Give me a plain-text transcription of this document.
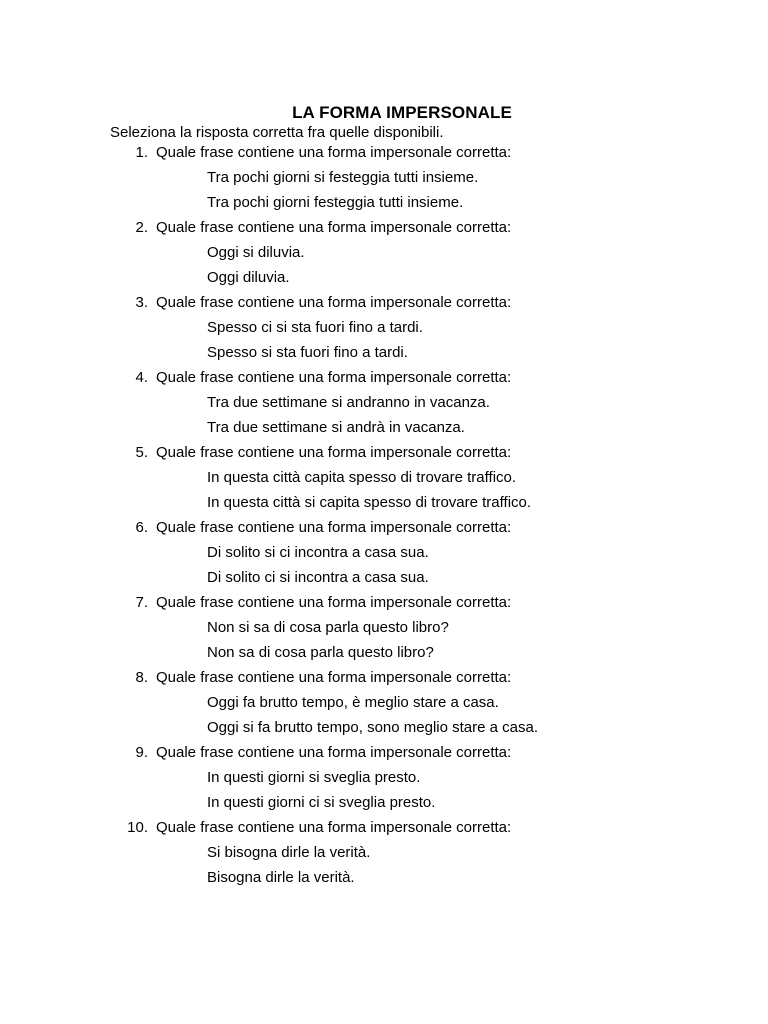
LA FORMA IMPERSONALE
Seleziona la risposta corretta fra quelle disponibili.
1. Quale frase contiene una forma impersonale corretta:
Tra pochi giorni si festeggia tutti insieme.
Tra pochi giorni festeggia tutti insieme.
2. Quale frase contiene una forma impersonale corretta:
Oggi si diluvia.
Oggi diluvia.
3. Quale frase contiene una forma impersonale corretta:
Spesso ci si sta fuori fino a tardi.
Spesso si sta fuori fino a tardi.
4. Quale frase contiene una forma impersonale corretta:
Tra due settimane si andranno in vacanza.
Tra due settimane si andrà in vacanza.
5. Quale frase contiene una forma impersonale corretta:
In questa città capita spesso di trovare traffico.
In questa città si capita spesso di trovare traffico.
6. Quale frase contiene una forma impersonale corretta:
Di solito si ci incontra a casa sua.
Di solito ci si incontra a casa sua.
7. Quale frase contiene una forma impersonale corretta:
Non si sa di cosa parla questo libro?
Non sa di cosa parla questo libro?
8. Quale frase contiene una forma impersonale corretta:
Oggi fa brutto tempo, è meglio stare a casa.
Oggi si fa brutto tempo, sono meglio stare a casa.
9. Quale frase contiene una forma impersonale corretta:
In questi giorni si sveglia presto.
In questi giorni ci si sveglia presto.
10. Quale frase contiene una forma impersonale corretta:
Si bisogna dirle la verità.
Bisogna dirle la verità.
